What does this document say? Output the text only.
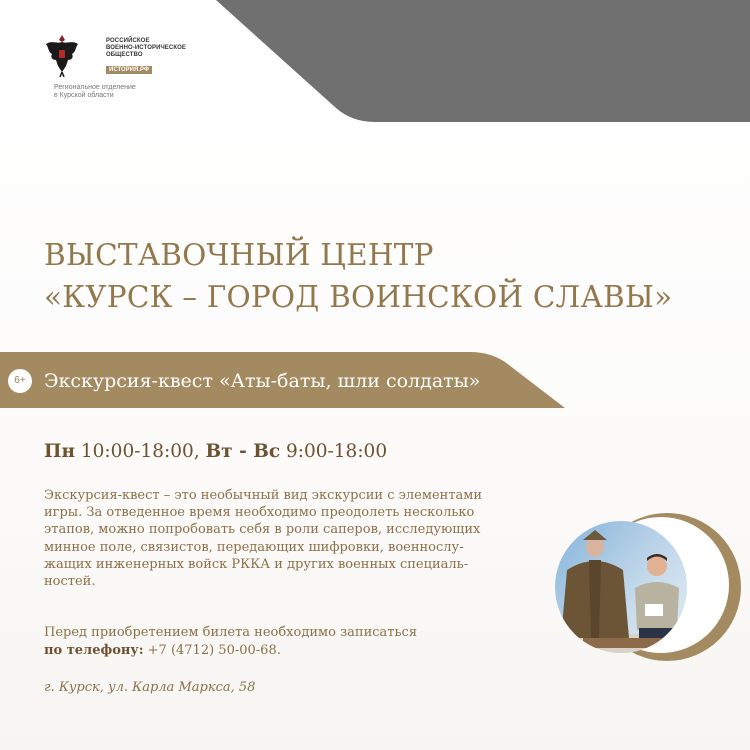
РОССИЙСКОЕ
ВОЕННО-ИСТОРИЧЕСКОЕ
ОБЩЕСТВО
ИСТОРИЯ.РФ
Региональное отделение
в Курской области
ВЫСТАВОЧНЫЙ ЦЕНТР
«КУРСК – ГОРОД ВОИНСКОЙ СЛАВЫ»
6+ Экскурсия-квест «Аты-баты, шли солдаты»
Пн 10:00-18:00, Вт - Вс 9:00-18:00
Экскурсия-квест – это необычный вид экскурсии с элементами
игры. За отведенное время необходимо преодолеть несколько
этапов, можно попробовать себя в роли саперов, исследующих
минное поле, связистов, передающих шифровки, военнослу-
жащих инженерных войск РККА и других военных специаль-
ностей.
Перед приобретением билета необходимо записаться
по телефону: +7 (4712) 50-00-68.
г. Курск, ул. Карла Маркса, 58
